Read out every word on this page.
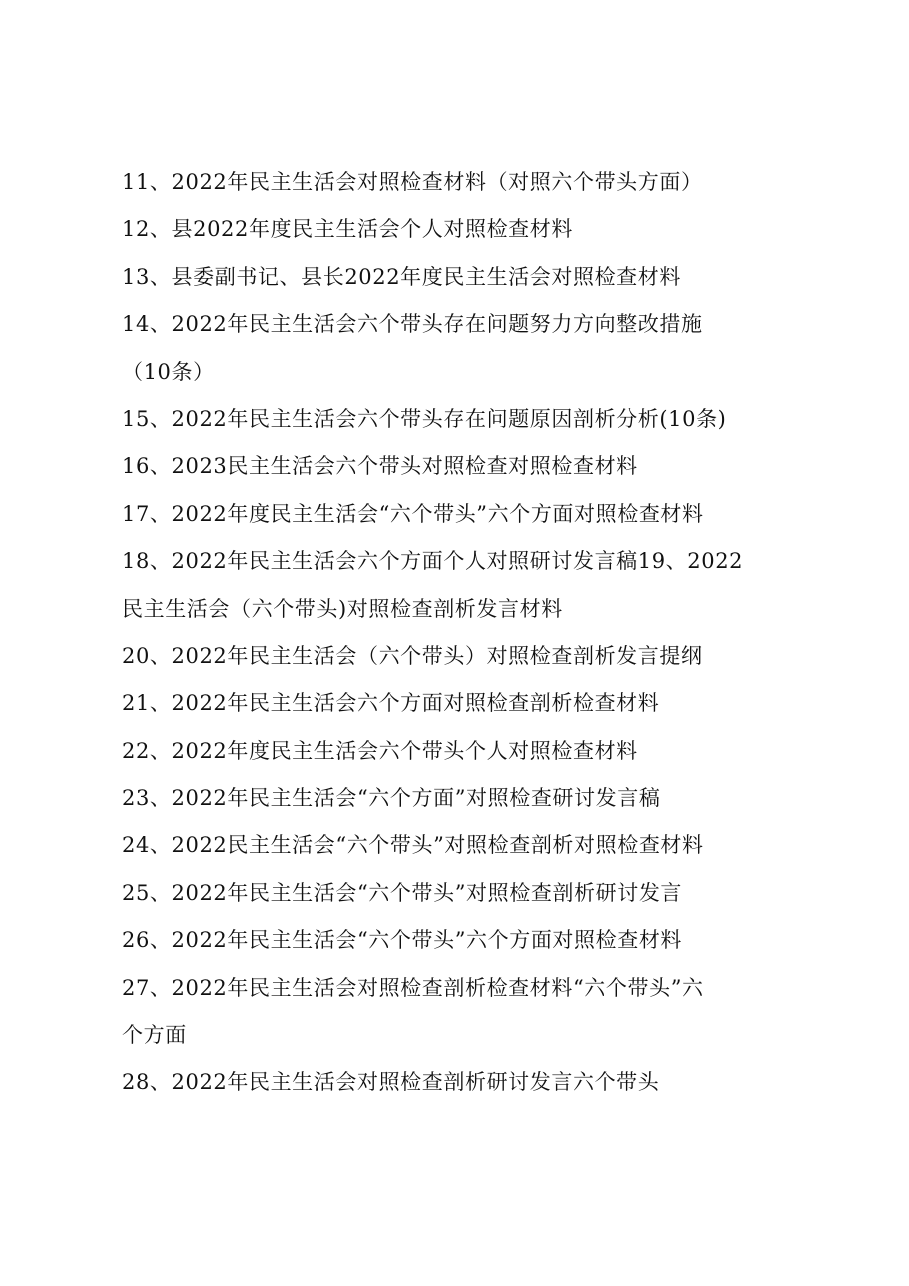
11、2022年民主生活会对照检查材料（对照六个带头方面）
12、县2022年度民主生活会个人对照检查材料
13、县委副书记、县长2022年度民主生活会对照检查材料
14、2022年民主生活会六个带头存在问题努力方向整改措施
（10条）
15、2022年民主生活会六个带头存在问题原因剖析分析(10条)
16、2023民主生活会六个带头对照检查对照检查材料
17、2022年度民主生活会“六个带头”六个方面对照检查材料
18、2022年民主生活会六个方面个人对照研讨发言稿19、2022
民主生活会（六个带头)对照检查剖析发言材料
20、2022年民主生活会（六个带头）对照检查剖析发言提纲
21、2022年民主生活会六个方面对照检查剖析检查材料
22、2022年度民主生活会六个带头个人对照检查材料
23、2022年民主生活会“六个方面”对照检查研讨发言稿
24、2022民主生活会“六个带头”对照检查剖析对照检查材料
25、2022年民主生活会“六个带头”对照检查剖析研讨发言
26、2022年民主生活会“六个带头”六个方面对照检查材料
27、2022年民主生活会对照检查剖析检查材料“六个带头”六
个方面
28、2022年民主生活会对照检查剖析研讨发言六个带头
